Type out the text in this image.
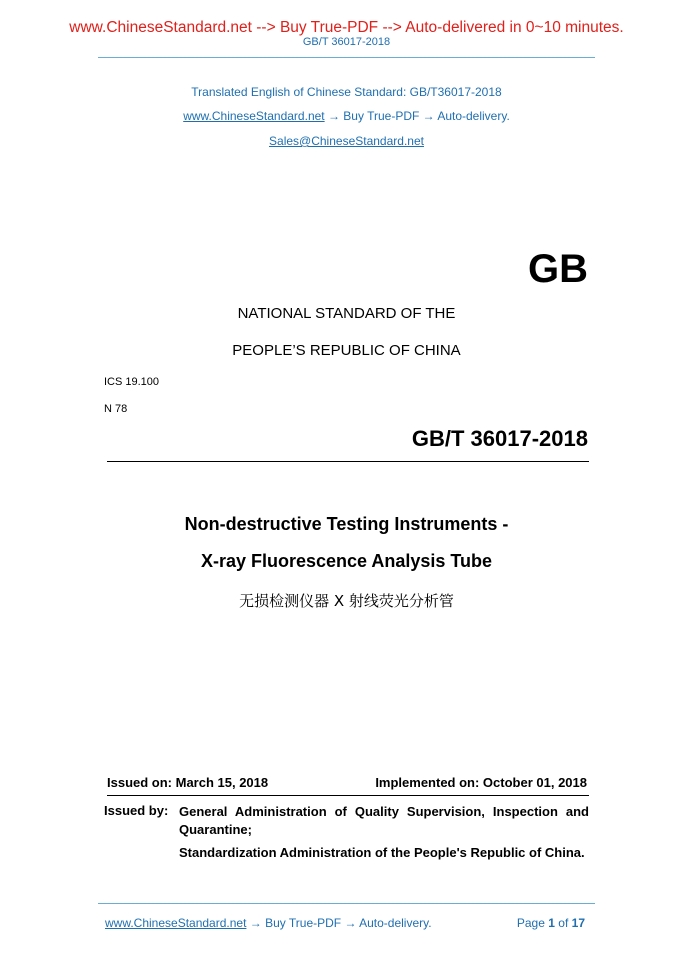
www.ChineseStandard.net --> Buy True-PDF --> Auto-delivered in 0~10 minutes.
GB/T 36017-2018
Translated English of Chinese Standard: GB/T36017-2018
www.ChineseStandard.net → Buy True-PDF → Auto-delivery.
Sales@ChineseStandard.net
GB
NATIONAL STANDARD OF THE
PEOPLE’S REPUBLIC OF CHINA
ICS 19.100
N 78
GB/T 36017-2018
Non-destructive Testing Instruments -
X-ray Fluorescence Analysis Tube
无损检测仪器 X 射线荧光分析管
Issued on: March 15, 2018	Implemented on: October 01, 2018
Issued by: General Administration of Quality Supervision, Inspection and Quarantine;
Standardization Administration of the People's Republic of China.
www.ChineseStandard.net → Buy True-PDF → Auto-delivery.	Page 1 of 17
